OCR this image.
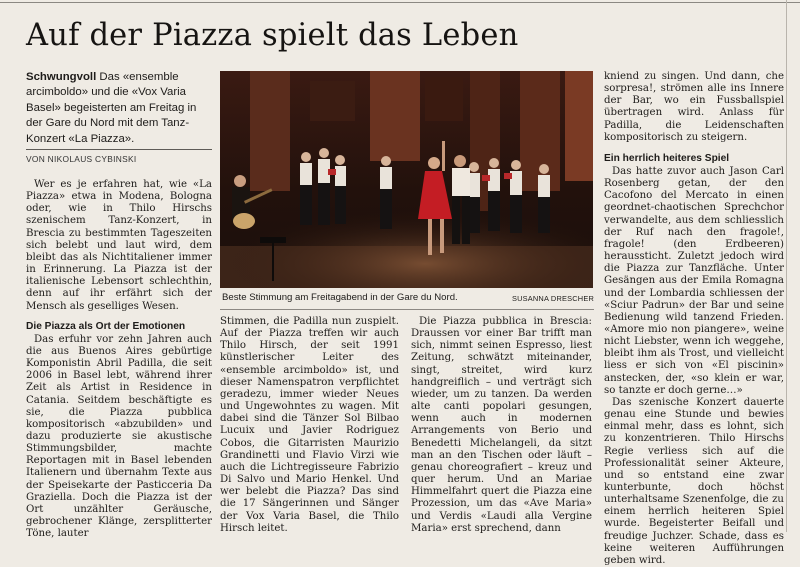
Auf der Piazza spielt das Leben
Schwungvoll Das «ensemble arcimboldo» und die «Vox Varia Basel» begeisterten am Freitag in der Gare du Nord mit dem Tanz-Konzert «La Piazza».
VON NIKOLAUS CYBINSKI

Wer es je erfahren hat, wie «La Piazza» etwa in Modena, Bologna oder, wie in Thilo Hirschs szenischem Tanz-Konzert, in Brescia zu bestimmten Tageszeiten sich belebt und laut wird, dem bleibt das als Nichtitaliener immer in Erinnerung. La Piazza ist der italienische Lebensort schlechthin, denn auf ihr erfährt sich der Mensch als geselliges Wesen.

Die Piazza als Ort der Emotionen

Das erfuhr vor zehn Jahren auch die aus Buenos Aires gebürtige Komponistin Abril Padilla, die seit 2006 in Basel lebt, während ihrer Zeit als Artist in Residence in Catania. Seitdem beschäftigte es sie, die Piazza pubblica kompositorisch «abzubilden» und dazu produzierte sie akustische Stimmungsbilder, machte Reportagen mit in Basel lebenden Italienern und übernahm Texte aus der Speisekarte der Pasticceria Da Graziella. Doch die Piazza ist der Ort unzählter Geräusche, gebrochener Klänge, zersplitterter Töne, lauter

Beste Stimmung am Freitagabend in der Gare du Nord.	SUSANNA DRESCHER

Stimmen, die Padilla nun zuspielt. Auf der Piazza treffen wir auch Thilo Hirsch, der seit 1991 künstlerischer Leiter des «ensemble arcimboldo» ist, und dieser Namenspatron verpflichtet geradezu, immer wieder Neues und Ungewohntes zu wagen. Mit dabei sind die Tänzer Sol Bilbao Lucuix und Javier Rodriguez Cobos, die Gitarristen Maurizio Grandinetti und Flavio Virzi wie auch die Lichtregisseure Fabrizio Di Salvo und Mario Henkel. Und wer belebt die Piazza? Das sind die 17 Sängerinnen und Sänger der Vox Varia Basel, die Thilo Hirsch leitet.

Die Piazza pubblica in Brescia: Draussen vor einer Bar trifft man sich, nimmt seinen Espresso, liest Zeitung, schwätzt miteinander, singt, streitet, wird kurz handgreiflich – und verträgt sich wieder, um zu tanzen. Da werden alte canti popolari gesungen, wenn auch in modernen Arrangements von Berio und Benedetti Michelangeli, da sitzt man an den Tischen oder läuft – genau choreografiert – kreuz und quer herum. Und an Mariae Himmelfahrt quert die Piazza eine Prozession, um das «Ave Maria» und Verdis «Laudi alla Vergine Maria» erst sprechend, dann

kniend zu singen. Und dann, che sorpresa!, strömen alle ins Innere der Bar, wo ein Fussballspiel übertragen wird. Anlass für Padilla, die Leidenschaften kompositorisch zu steigern.

Ein herrlich heiteres Spiel

Das hatte zuvor auch Jason Carl Rosenberg getan, der den Cacofono del Mercato in einen geordnet-chaotischen Sprechchor verwandelte, aus dem schliesslich der Ruf nach den fragole!, fragole! (den Erdbeeren) heraussticht. Zuletzt jedoch wird die Piazza zur Tanzfläche. Unter Gesängen aus der Emila Romagna und der Lombardia schliessen der «Sciur Padrun» der Bar und seine Bedienung wild tanzend Frieden. «Amore mio non piangere», weine nicht Liebster, wenn ich weggehe, bleibt ihm als Trost, und vielleicht liess er sich von «El piscinin» anstecken, der, «so klein er war, so tanzte er doch gerne…»

Das szenische Konzert dauerte genau eine Stunde und bewies einmal mehr, dass es lohnt, sich zu konzentrieren. Thilo Hirschs Regie verliess sich auf die Professionalität seiner Akteure, und so entstand eine zwar kunterbunte, doch höchst unterhaltsame Szenenfolge, die zu einem herrlich heiteren Spiel wurde. Begeisterter Beifall und freudige Juchzer. Schade, dass es keine weiteren Aufführungen geben wird.
